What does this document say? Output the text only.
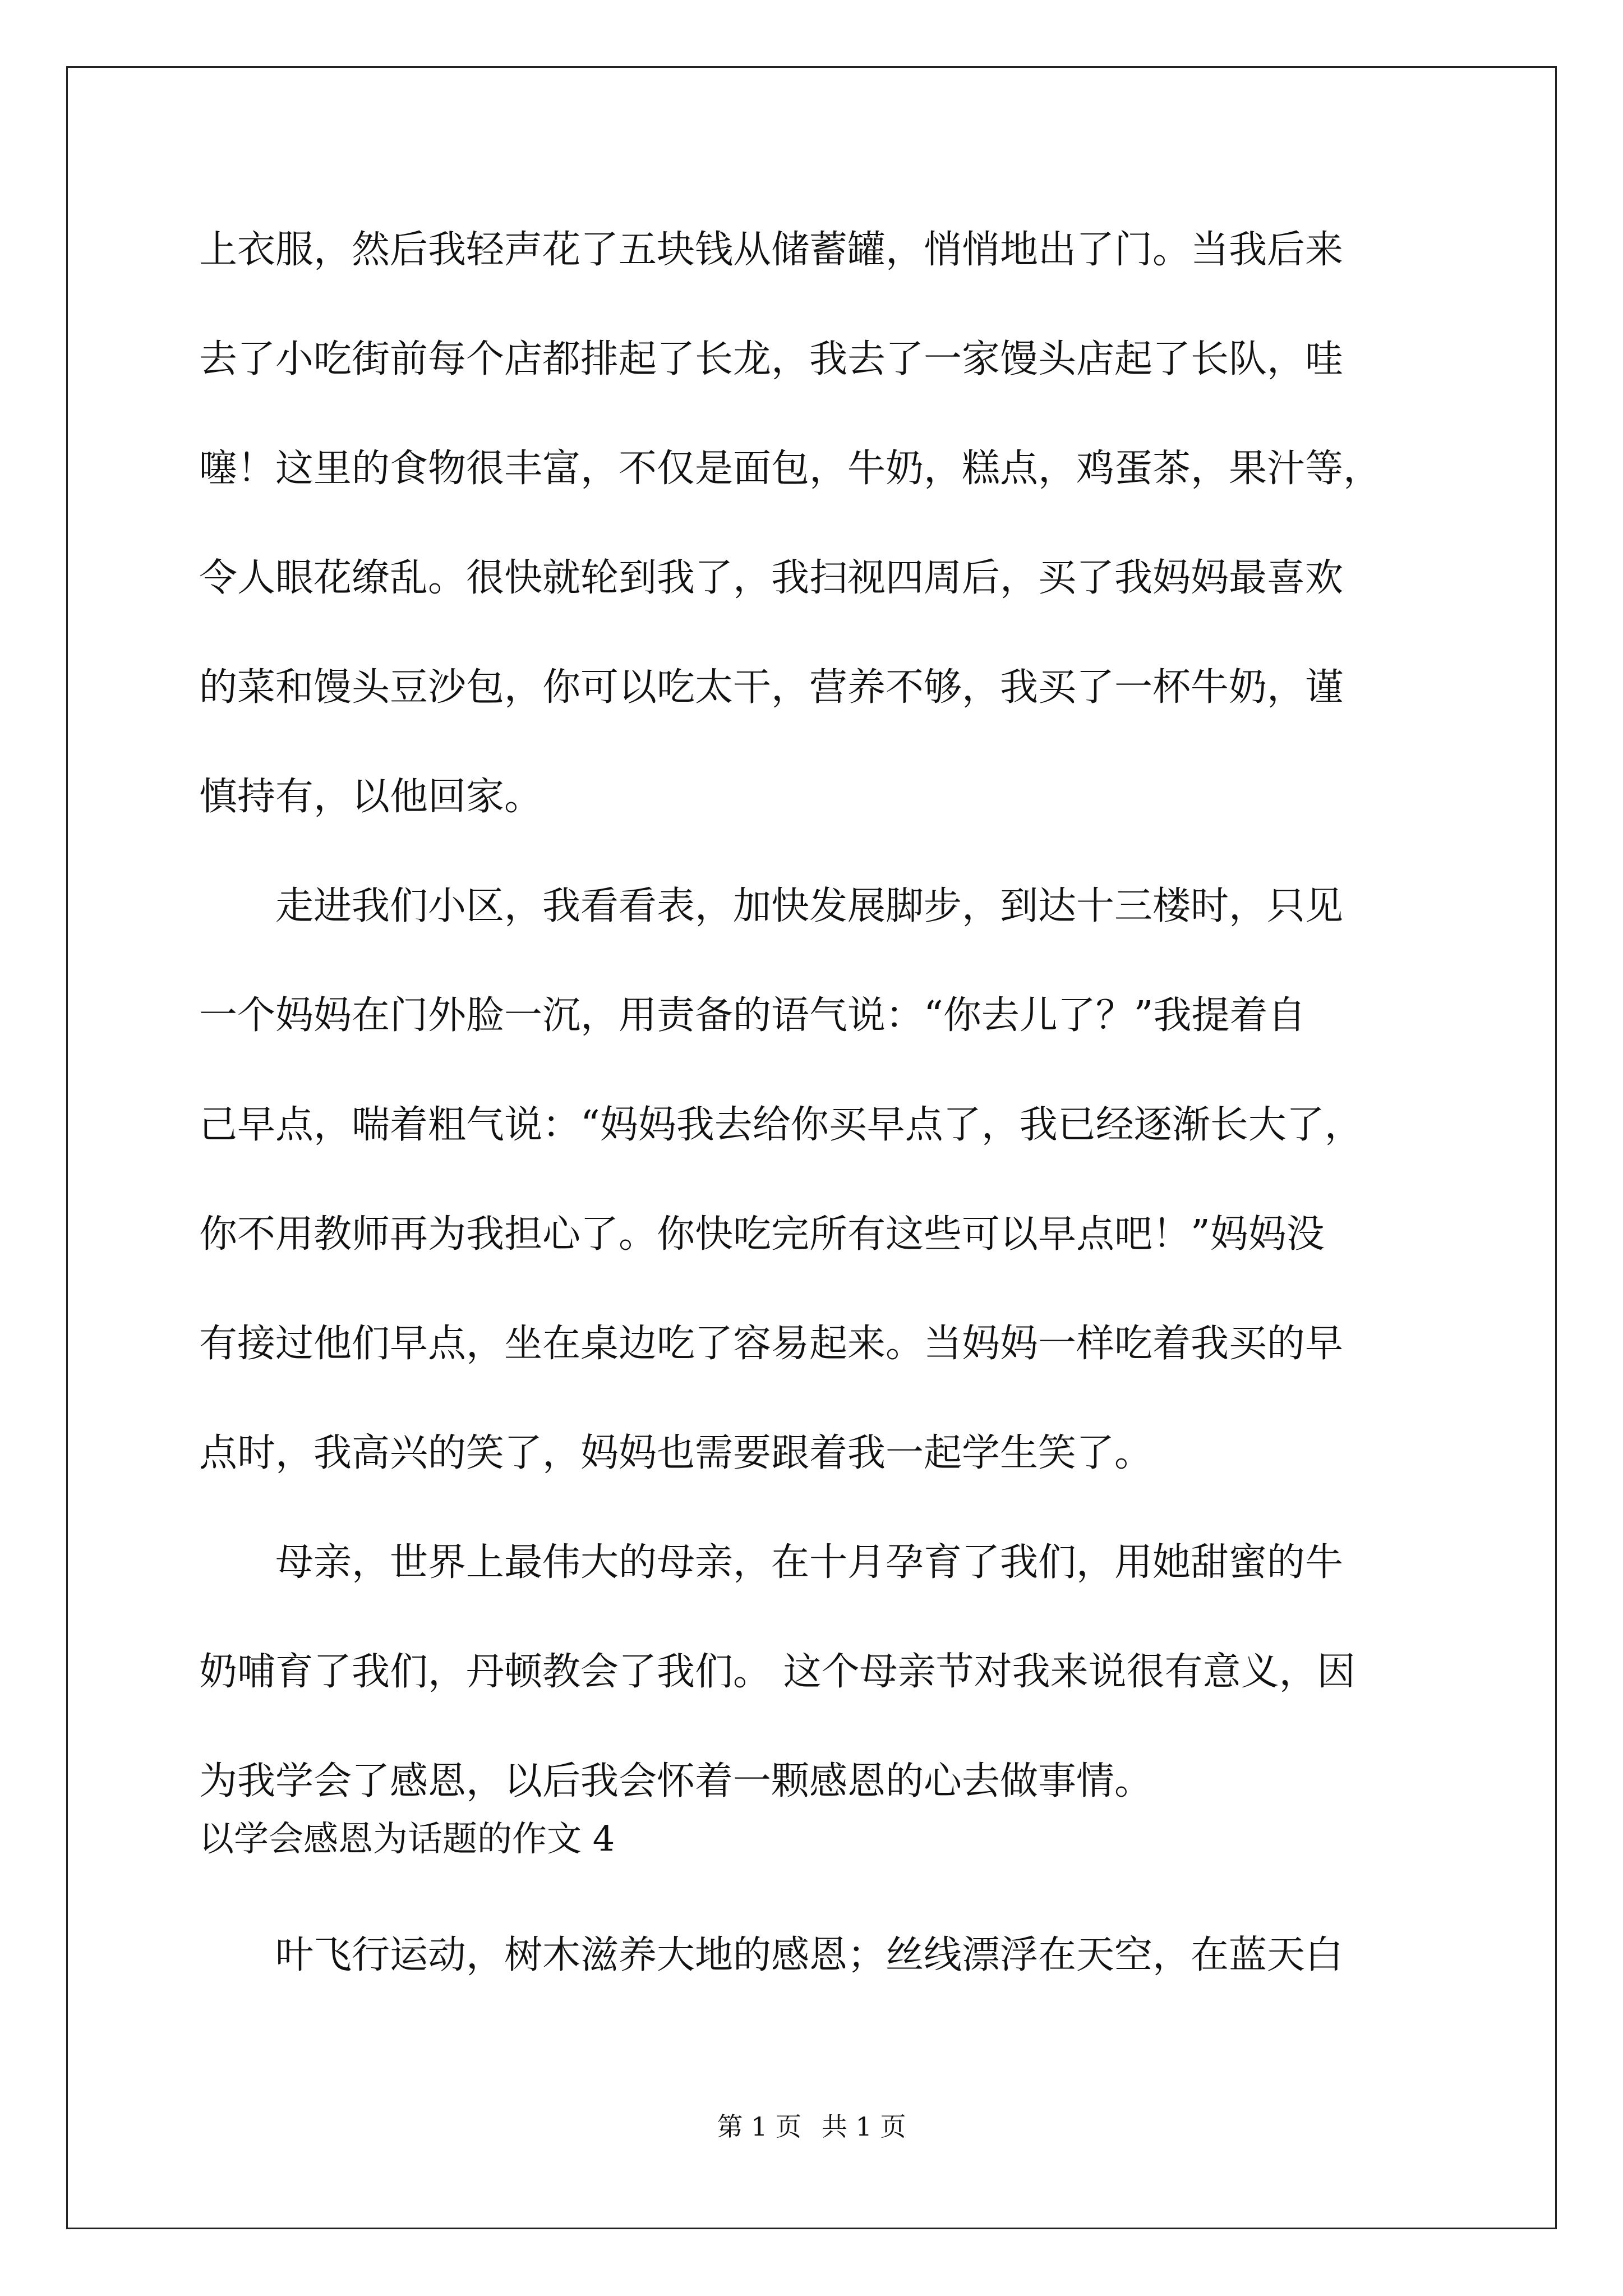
上衣服，然后我轻声花了五块钱从储蓄罐，悄悄地出了门。当我后来
去了小吃街前每个店都排起了长龙，我去了一家馒头店起了长队，哇
噻！这里的食物很丰富，不仅是面包，牛奶，糕点，鸡蛋茶，果汁等，
令人眼花缭乱。很快就轮到我了，我扫视四周后，买了我妈妈最喜欢
的菜和馒头豆沙包，你可以吃太干，营养不够，我买了一杯牛奶，谨
慎持有，以他回家。
　　走进我们小区，我看看表，加快发展脚步，到达十三楼时，只见
一个妈妈在门外脸一沉，用责备的语气说：“你去儿了？”我提着自
己早点，喘着粗气说：“妈妈我去给你买早点了，我已经逐渐长大了，
你不用教师再为我担心了。你快吃完所有这些可以早点吧！”妈妈没
有接过他们早点，坐在桌边吃了容易起来。当妈妈一样吃着我买的早
点时，我高兴的笑了，妈妈也需要跟着我一起学生笑了。
　　母亲，世界上最伟大的母亲，在十月孕育了我们，用她甜蜜的牛
奶哺育了我们，丹顿教会了我们。 这个母亲节对我来说很有意义，因
为我学会了感恩，以后我会怀着一颗感恩的心去做事情。
以学会感恩为话题的作文 4
　　叶飞行运动，树木滋养大地的感恩；丝线漂浮在天空，在蓝天白
第 1 页 共 1 页
